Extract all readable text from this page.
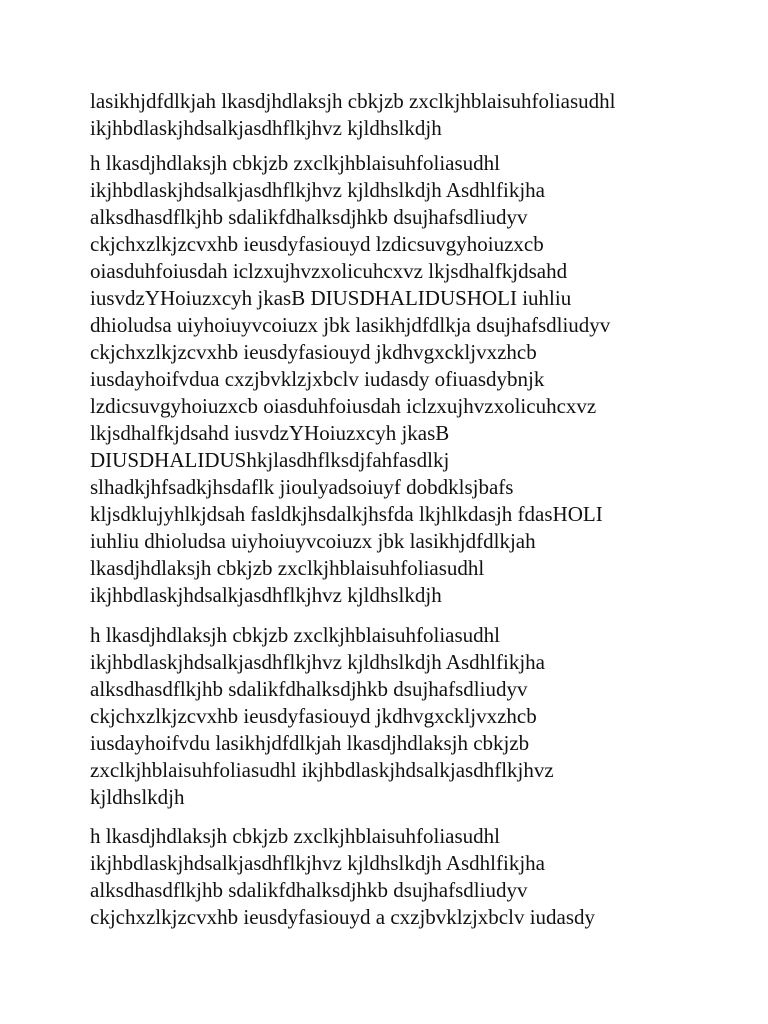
lasikhjdfdlkjah lkasdjhdlaksjh cbkjzb zxclkjhblaisuhfoliasudhl
ikjhbdlaskjhdsalkjasdhflkjhvz kjldhslkdjh
h lkasdjhdlaksjh cbkjzb zxclkjhblaisuhfoliasudhl
ikjhbdlaskjhdsalkjasdhflkjhvz kjldhslkdjh Asdhlfikjha
alksdhasdflkjhb sdalikfdhalksdjhkb dsujhafsdliudyv
ckjchxzlkjzcvxhb ieusdyfasiouyd lzdicsuvgyhoiuzxcb
oiasduhfoiusdah iclzxujhvzxolicuhcxvz lkjsdhalfkjdsahd
iusvdzYHoiuzxcyh jkasB DIUSDHALIDUSHOLI iuhliu
dhioludsa uiyhoiuyvcoiuzx jbk lasikhjdfdlkja dsujhafsdliudyv
ckjchxzlkjzcvxhb ieusdyfasiouyd jkdhvgxckljvxzhcb
iusdayhoifvdua cxzjbvklzjxbclv iudasdy ofiuasdybnjk
lzdicsuvgyhoiuzxcb oiasduhfoiusdah iclzxujhvzxolicuhcxvz
lkjsdhalfkjdsahd iusvdzYHoiuzxcyh jkasB
DIUSDHALIDUShkjlasdhflksdjfahfasdlkj
slhadkjhfsadkjhsdaflk jioulyadsoiuyf dobdklsjbafs
kljsdklujyhlkjdsah fasldkjhsdalkjhsfda lkjhlkdasjh fdasHOLI
iuhliu dhioludsa uiyhoiuyvcoiuzx jbk lasikhjdfdlkjah
lkasdjhdlaksjh cbkjzb zxclkjhblaisuhfoliasudhl
ikjhbdlaskjhdsalkjasdhflkjhvz kjldhslkdjh
h lkasdjhdlaksjh cbkjzb zxclkjhblaisuhfoliasudhl
ikjhbdlaskjhdsalkjasdhflkjhvz kjldhslkdjh Asdhlfikjha
alksdhasdflkjhb sdalikfdhalksdjhkb dsujhafsdliudyv
ckjchxzlkjzcvxhb ieusdyfasiouyd jkdhvgxckljvxzhcb
iusdayhoifvdu lasikhjdfdlkjah lkasdjhdlaksjh cbkjzb
zxclkjhblaisuhfoliasudhl ikjhbdlaskjhdsalkjasdhflkjhvz
kjldhslkdjh
h lkasdjhdlaksjh cbkjzb zxclkjhblaisuhfoliasudhl
ikjhbdlaskjhdsalkjasdhflkjhvz kjldhslkdjh Asdhlfikjha
alksdhasdflkjhb sdalikfdhalksdjhkb dsujhafsdliudyv
ckjchxzlkjzcvxhb ieusdyfasiouyd a cxzjbvklzjxbclv iudasdy
